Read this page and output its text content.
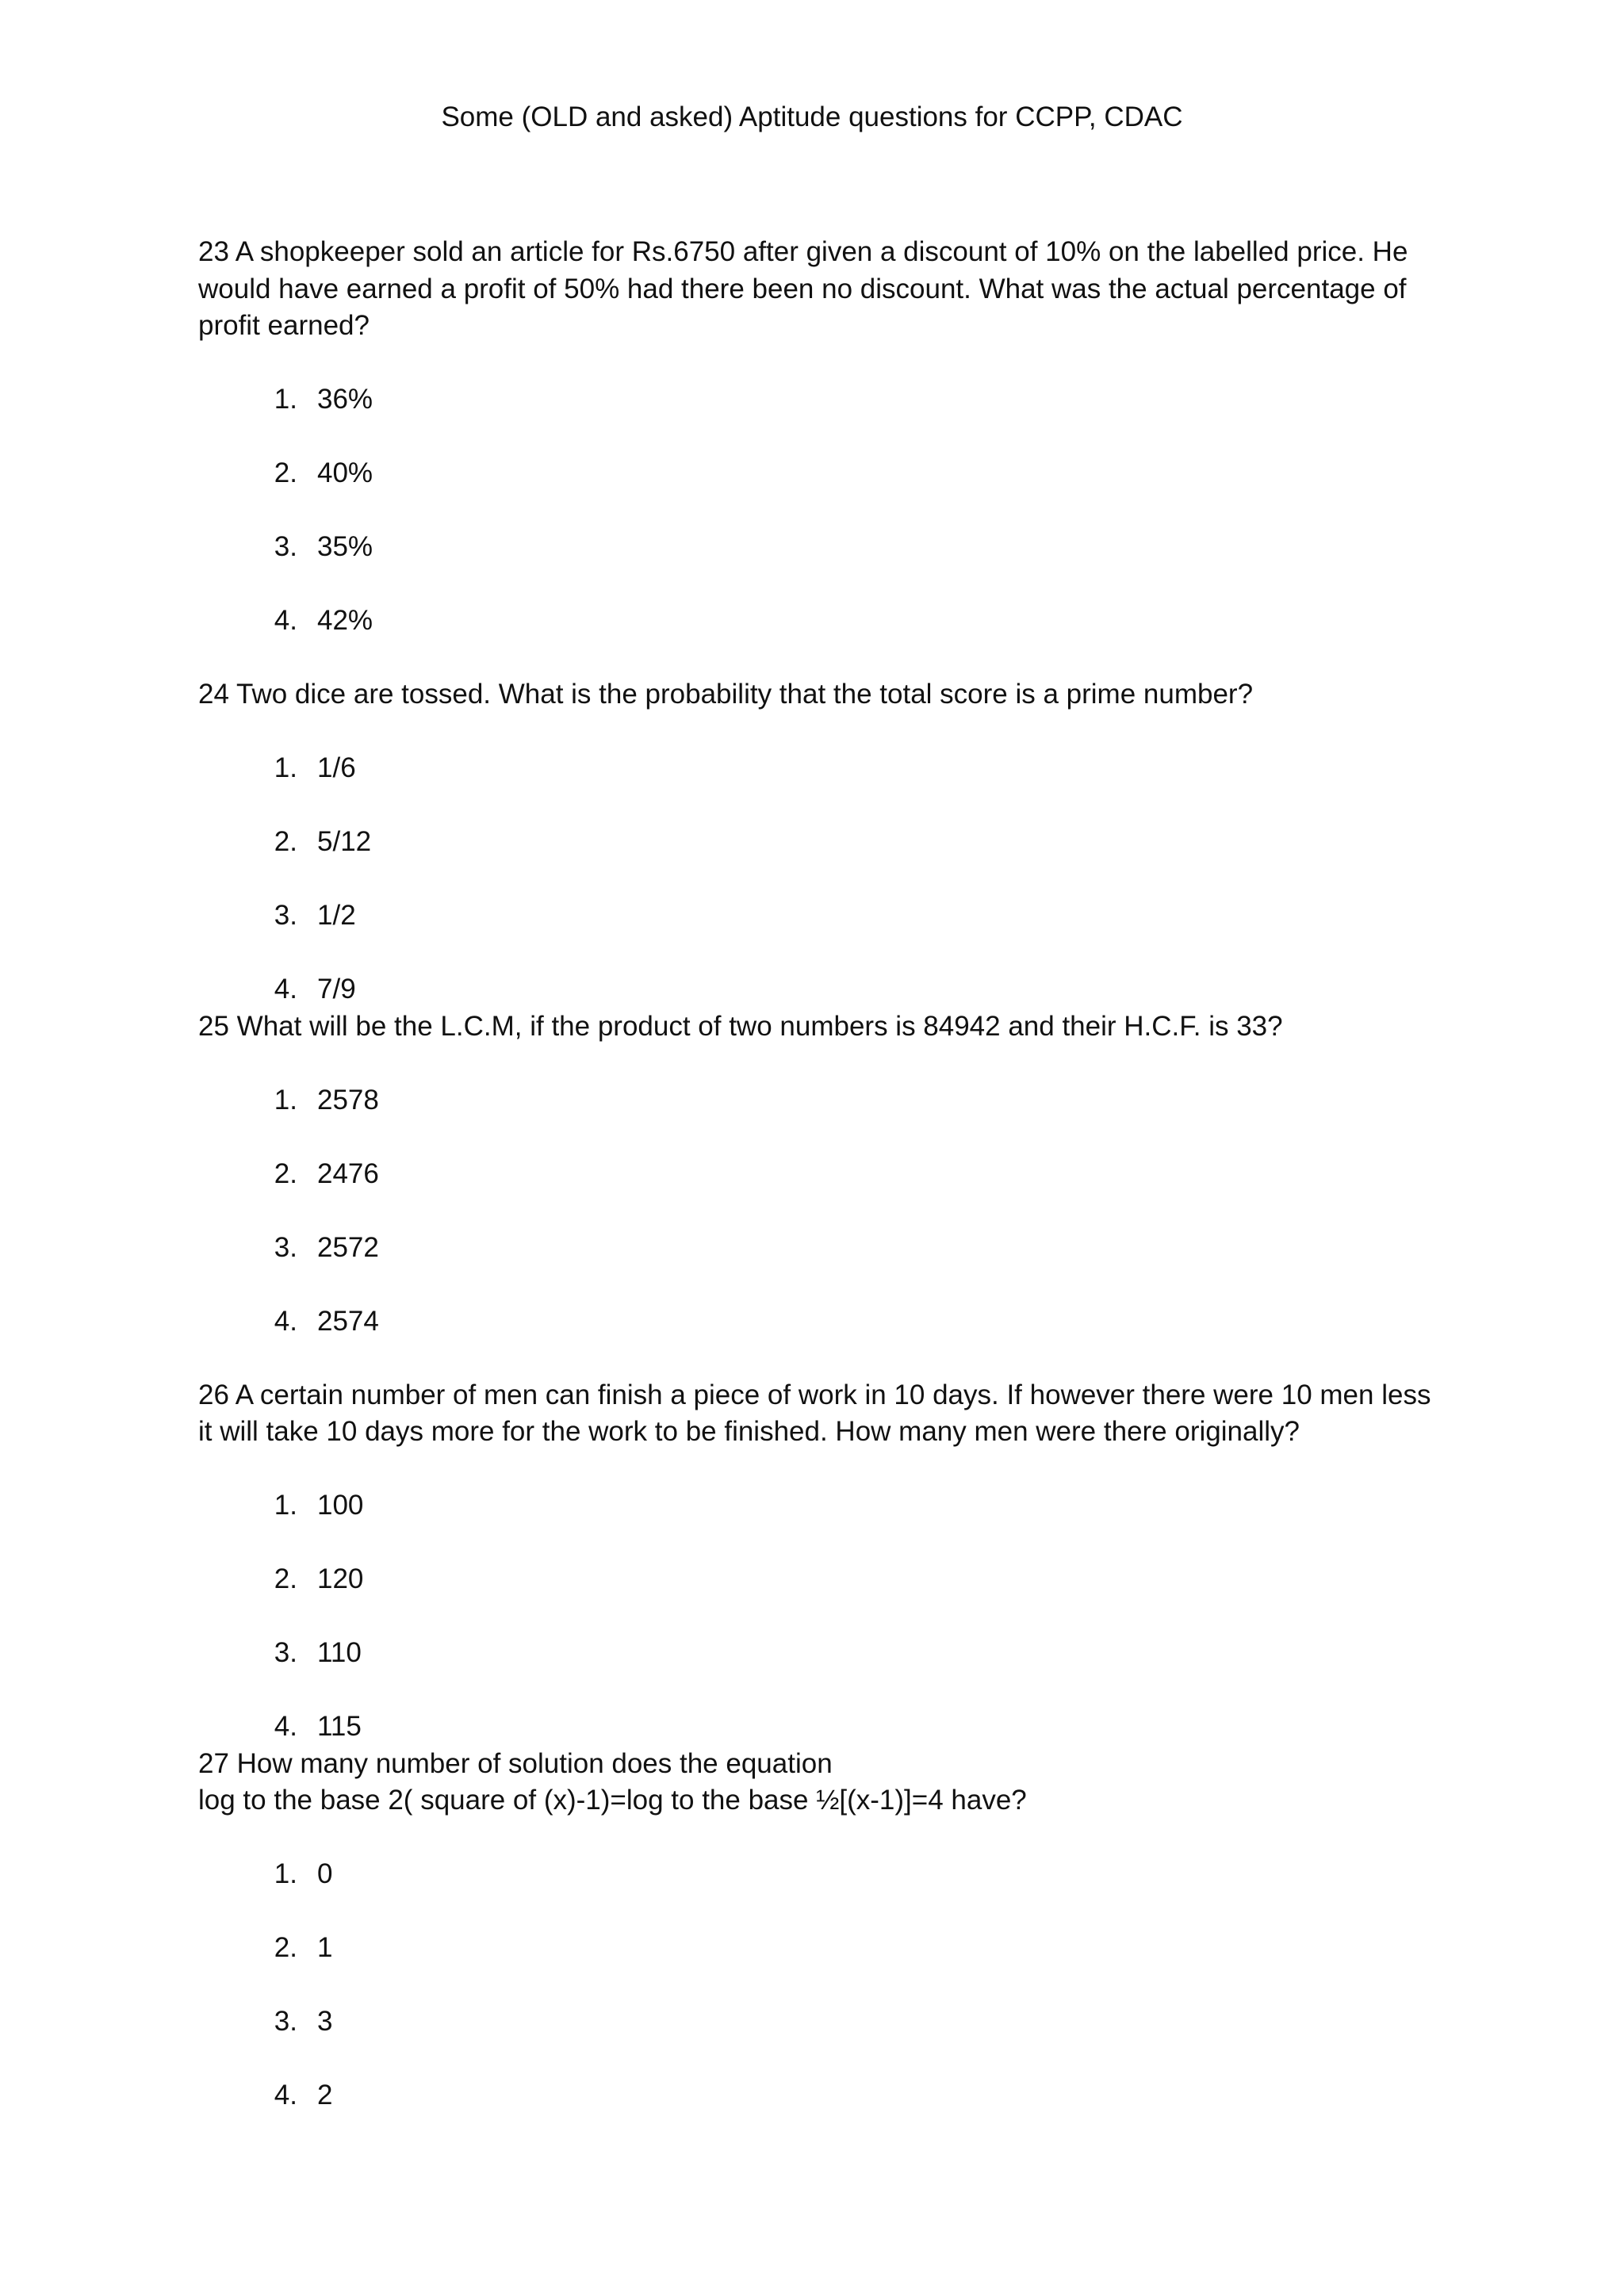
Some (OLD and asked) Aptitude questions for CCPP, CDAC

23 A shopkeeper sold an article for Rs.6750 after given a discount of 10% on the labelled price. He
would have earned a profit of 50% had there been no discount. What was the actual percentage of
profit earned?

1. 36%
2. 40%
3. 35%
4. 42%

24 Two dice are tossed. What is the probability that the total score is a prime number?

1. 1/6
2. 5/12
3. 1/2
4. 7/9

25 What will be the L.C.M, if the product of two numbers is 84942 and their H.C.F. is 33?

1. 2578
2. 2476
3. 2572
4. 2574

26 A certain number of men can finish a piece of work in 10 days. If however there were 10 men less
it will take 10 days more for the work to be finished. How many men were there originally?

1. 100
2. 120
3. 110
4. 115

27 How many number of solution does the equation
log to the base 2( square of (x)-1)=log to the base ½[(x-1)]=4 have?

1. 0
2. 1
3. 3
4. 2
